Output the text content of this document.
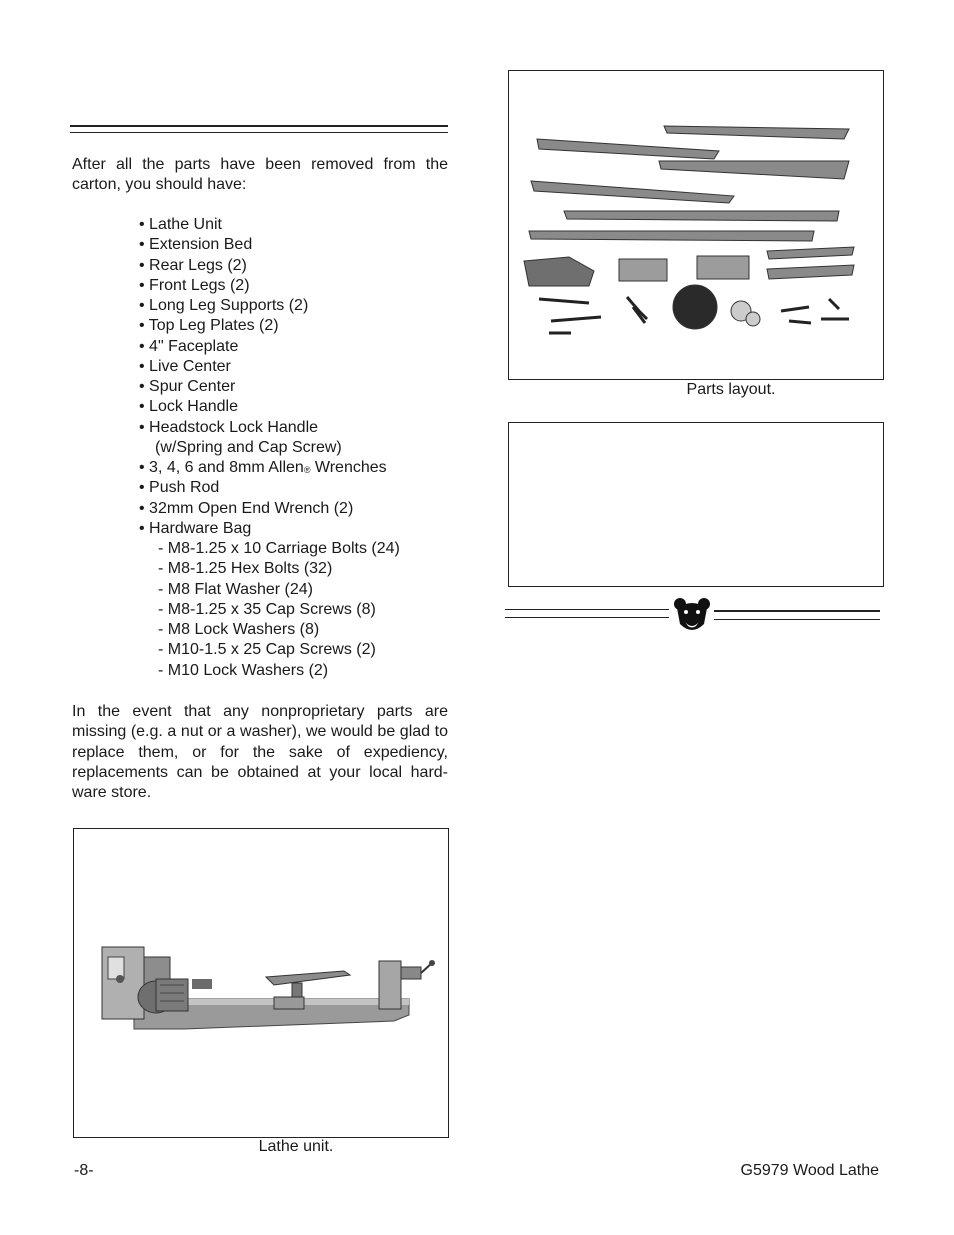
After all the parts have been removed from the carton, you should have:
• Lathe Unit
• Extension Bed
• Rear Legs (2)
• Front Legs (2)
• Long Leg Supports (2)
• Top Leg Plates (2)
• 4" Faceplate
• Live Center
• Spur Center
• Lock Handle
• Headstock Lock Handle
(w/Spring and Cap Screw)
• 3, 4, 6 and 8mm Allen® Wrenches
• Push Rod
• 32mm Open End Wrench (2)
• Hardware Bag
- M8-1.25 x 10 Carriage Bolts (24)
- M8-1.25 Hex Bolts (32)
- M8 Flat Washer (24)
- M8-1.25 x 35 Cap Screws (8)
- M8 Lock Washers (8)
- M10-1.5 x 25 Cap Screws (2)
- M10 Lock Washers (2)
In the event that any nonproprietary parts are missing (e.g. a nut or a washer), we would be glad to replace them, or for the sake of expediency, replacements can be obtained at your local hard-ware store.
Lathe unit.
Parts layout.
-8-	G5979 Wood Lathe
